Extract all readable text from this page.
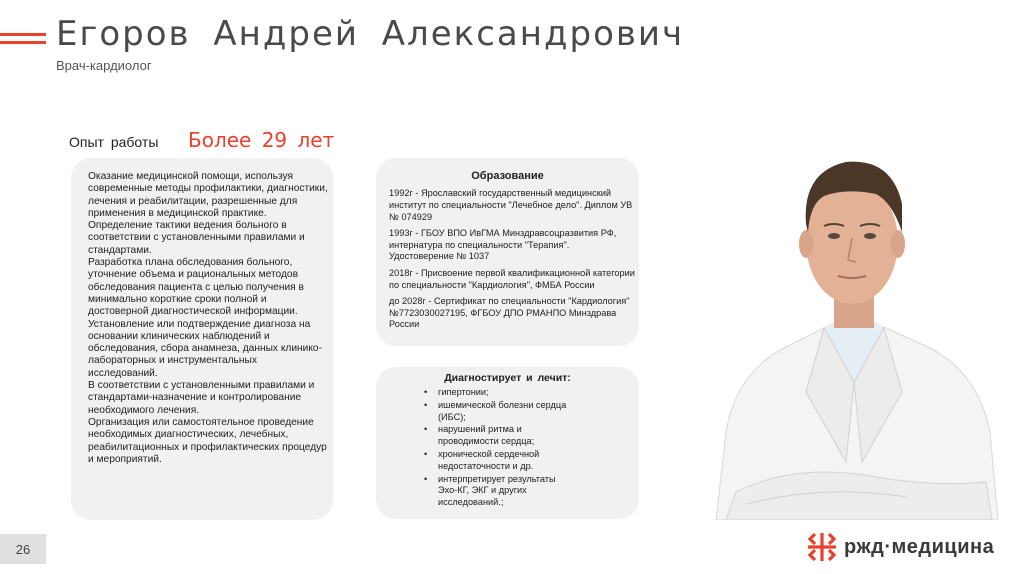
Егоров Андрей Александрович
Врач-кардиолог
Опыт работы Более 29 лет

Оказание медицинской помощи, используя современные методы профилактики, диагностики, лечения и реабилитации, разрешенные для применения в медицинской практике.

Определение тактики ведения больного в соответствии с установленными правилами и стандартами.

Разработка плана обследования больного, уточнение объема и рациональных методов обследования пациента с целью получения в минимально короткие сроки полной и достоверной диагностической информации.

Установление или подтверждение диагноза на основании клинических наблюдений и обследования, сбора анамнеза, данных клинико-лабораторных и инструментальных исследований.

В соответствии с установленными правилами и стандартами-назначение и контролирование необходимого лечения.

Организация или самостоятельное проведение необходимых диагностических, лечебных, реабилитационных и профилактических процедур и мероприятий.

Образование

1992г - Ярославский государственный медицинский институт по специальности "Лечебное дело". Диплом УВ № 074929

1993г - ГБОУ ВПО ИвГМА Минздравсоцразвития РФ, интернатура по специальности "Терапия". Удостоверение № 1037

2018г - Присвоение первой квалификационной категории по специальности "Кардиология", ФМБА России

до 2028г - Сертификат по специальности "Кардиология" №7723030027195, ФГБОУ ДПО РМАНПО Минздрава России

Диагностирует и лечит:
• гипертонии;
• ишемической болезни сердца (ИБС);
• нарушений ритма и проводимости сердца;
• хронической сердечной недостаточности и др.
• интерпретирует результаты Эхо-КГ, ЭКГ и других исследований.;
26	ржд·медицина
